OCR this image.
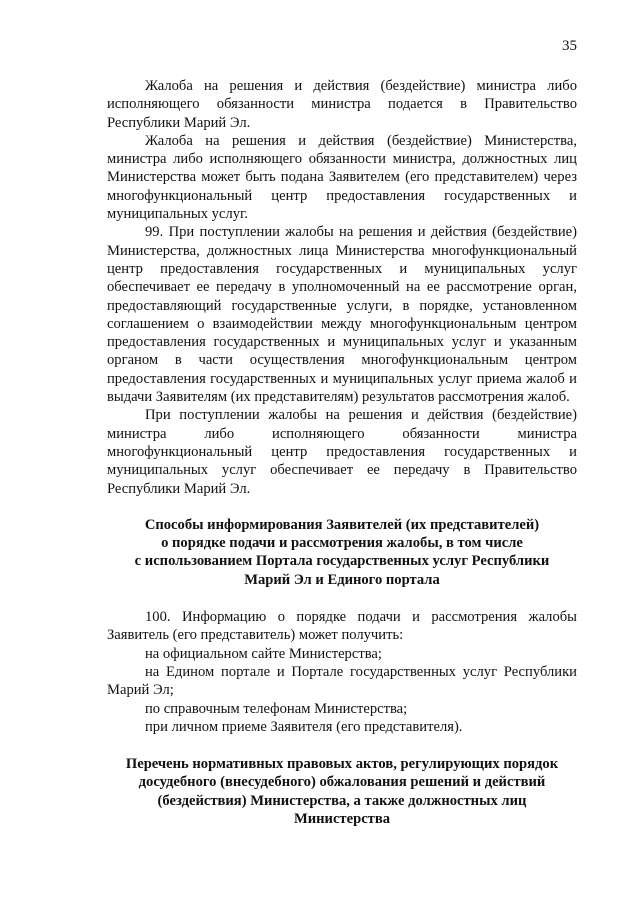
35

Жалоба на решения и действия (бездействие) министра либо исполняющего обязанности министра подается в Правительство Республики Марий Эл.

Жалоба на решения и действия (бездействие) Министерства, министра либо исполняющего обязанности министра, должностных лиц Министерства может быть подана Заявителем (его представителем) через многофункциональный центр предоставления государственных и муниципальных услуг.

99. При поступлении жалобы на решения и действия (бездействие) Министерства, должностных лица Министерства многофункциональный центр предоставления государственных и муниципальных услуг обеспечивает ее передачу в уполномоченный на ее рассмотрение орган, предоставляющий государственные услуги, в порядке, установленном соглашением о взаимодействии между многофункциональным центром предоставления государственных и муниципальных услуг и указанным органом в части осуществления многофункциональным центром предоставления государственных и муниципальных услуг приема жалоб и выдачи Заявителям (их представителям) результатов рассмотрения жалоб.

При поступлении жалобы на решения и действия (бездействие) министра либо исполняющего обязанности министра многофункциональный центр предоставления государственных и муниципальных услуг обеспечивает ее передачу в Правительство Республики Марий Эл.

Способы информирования Заявителей (их представителей)
о порядке подачи и рассмотрения жалобы, в том числе
с использованием Портала государственных услуг Республики
Марий Эл и Единого портала

100. Информацию о порядке подачи и рассмотрения жалобы Заявитель (его представитель) может получить:

на официальном сайте Министерства;

на Едином портале и Портале государственных услуг Республики Марий Эл;

по справочным телефонам Министерства;

при личном приеме Заявителя (его представителя).

Перечень нормативных правовых актов, регулирующих порядок
досудебного (внесудебного) обжалования решений и действий
(бездействия) Министерства, а также должностных лиц
Министерства
